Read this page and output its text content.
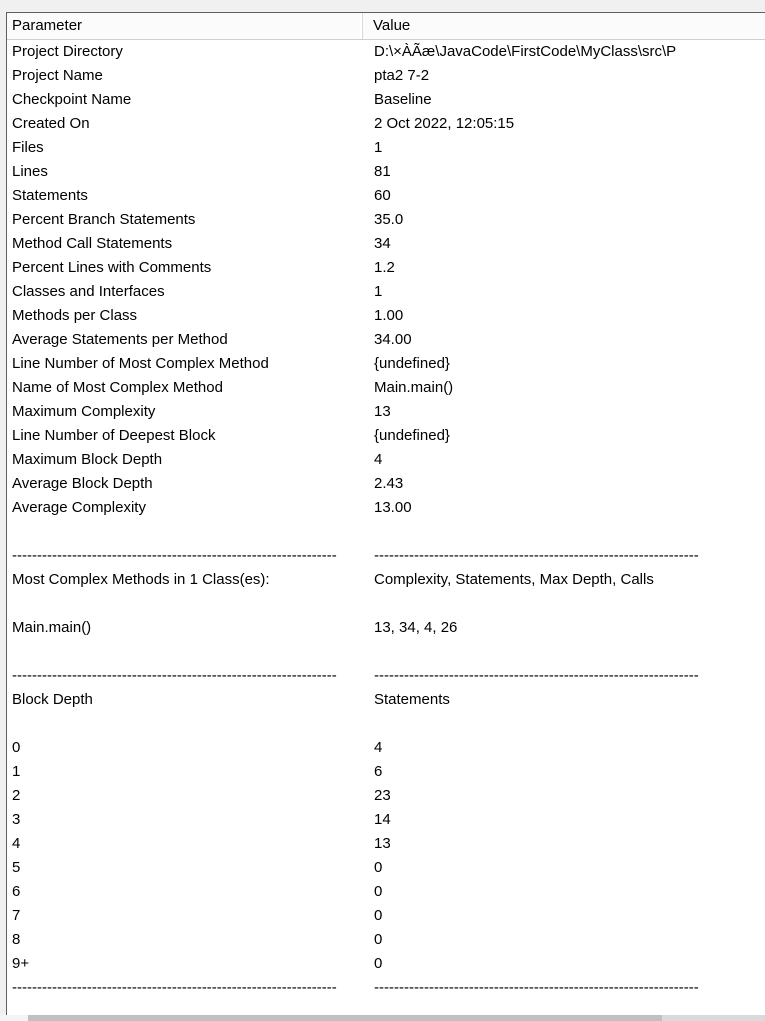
Parameter	Value
Project Directory	D:\×ÀÃæ\JavaCode\FirstCode\MyClass\src\P
Project Name	pta2 7-2
Checkpoint Name	Baseline
Created On	2 Oct 2022, 12:05:15
Files	1
Lines	81
Statements	60
Percent Branch Statements	35.0
Method Call Statements	34
Percent Lines with Comments	1.2
Classes and Interfaces	1
Methods per Class	1.00
Average Statements per Method	34.00
Line Number of Most Complex Method	{undefined}
Name of Most Complex Method	Main.main()
Maximum Complexity	13
Line Number of Deepest Block	{undefined}
Maximum Block Depth	4
Average Block Depth	2.43
Average Complexity	13.00
-----------------------------------------------------------------	-----------------------------------------------------------------
Most Complex Methods in 1 Class(es):	Complexity, Statements, Max Depth, Calls
Main.main()	13, 34, 4, 26
-----------------------------------------------------------------	-----------------------------------------------------------------
Block Depth	Statements
0	4
1	6
2	23
3	14
4	13
5	0
6	0
7	0
8	0
9+	0
-----------------------------------------------------------------	-----------------------------------------------------------------
